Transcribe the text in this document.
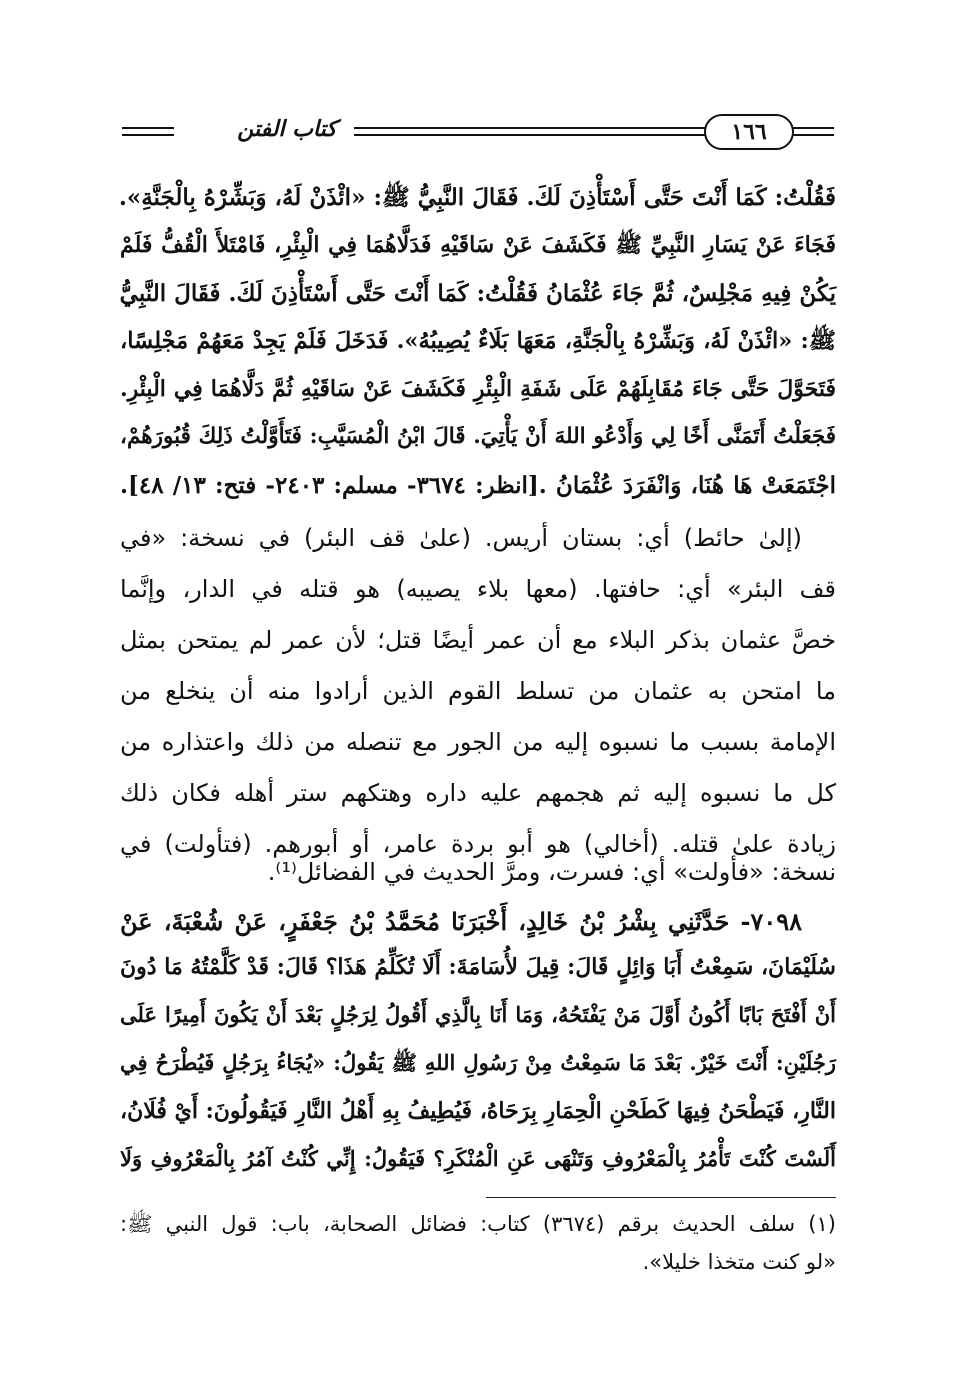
١٦٦
كتاب الفتن
فَقُلْتُ: كَمَا أَنْتَ حَتَّى أَسْتَأْذِنَ لَكَ. فَقَالَ النَّبِيُّ ﷺ: «ائْذَنْ لَهُ، وَبَشِّرْهُ بِالْجَنَّةِ».
فَجَاءَ عَنْ يَسَارِ النَّبِيِّ ﷺ فَكَشَفَ عَنْ سَاقَيْهِ فَدَلَّاهُمَا فِي الْبِئْرِ، فَامْتَلأَ الْقُفُّ فَلَمْ
يَكُنْ فِيهِ مَجْلِسٌ، ثُمَّ جَاءَ عُثْمَانُ فَقُلْتُ: كَمَا أَنْتَ حَتَّى أَسْتَأْذِنَ لَكَ. فَقَالَ النَّبِيُّ
ﷺ: «ائْذَنْ لَهُ، وَبَشِّرْهُ بِالْجَنَّةِ، مَعَهَا بَلَاءٌ يُصِيبُهُ». فَدَخَلَ فَلَمْ يَجِدْ مَعَهُمْ مَجْلِسًا،
فَتَحَوَّلَ حَتَّى جَاءَ مُقَابِلَهُمْ عَلَى شَفَةِ الْبِئْرِ فَكَشَفَ عَنْ سَاقَيْهِ ثُمَّ دَلَّاهُمَا فِي الْبِئْرِ.
فَجَعَلْتُ أَتَمَنَّى أَخًا لِي وَأَدْعُو اللهَ أَنْ يَأْتِيَ. قَالَ ابْنُ الْمُسَيَّبِ: فَتَأَوَّلْتُ ذَلِكَ قُبُورَهُمْ،
اجْتَمَعَتْ هَا هُنَا، وَانْفَرَدَ عُثْمَانُ .[انظر: ٣٦٧٤- مسلم: ٢٤٠٣- فتح: ١٣/ ٤٨].
(إلىٰ حائط) أي: بستان أريس. (علىٰ قف البئر) في نسخة: «في
قف البئر» أي: حافتها. (معها بلاء يصيبه) هو قتله في الدار، وإنَّما
خصَّ عثمان بذكر البلاء مع أن عمر أيضًا قتل؛ لأن عمر لم يمتحن بمثل
ما امتحن به عثمان من تسلط القوم الذين أرادوا منه أن ينخلع من
الإمامة بسبب ما نسبوه إليه من الجور مع تنصله من ذلك واعتذاره من
كل ما نسبوه إليه ثم هجمهم عليه داره وهتكهم ستر أهله فكان ذلك
زيادة علىٰ قتله. (أخالي) هو أبو بردة عامر، أو أبورهم. (فتأولت) في
نسخة: «فأولت» أي: فسرت، ومرَّ الحديث في الفضائل⁽¹⁾.
٧٠٩٨- حَدَّثَنِي بِشْرُ بْنُ خَالِدٍ، أَخْبَرَنَا مُحَمَّدُ بْنُ جَعْفَرٍ، عَنْ شُعْبَةَ، عَنْ
سُلَيْمَانَ، سَمِعْتُ أَبَا وَائِلٍ قَالَ: قِيلَ لأُسَامَةَ: أَلَا تُكَلِّمُ هَذَا؟ قَالَ: قَدْ كَلَّمْتُهُ مَا دُونَ
أَنْ أَفْتَحَ بَابًا أَكُونُ أَوَّلَ مَنْ يَفْتَحُهُ، وَمَا أَنَا بِالَّذِي أَقُولُ لِرَجُلٍ بَعْدَ أَنْ يَكُونَ أَمِيرًا عَلَى
رَجُلَيْنِ: أَنْتَ خَيْرٌ. بَعْدَ مَا سَمِعْتُ مِنْ رَسُولِ اللهِ ﷺ يَقُولُ: «يُجَاءُ بِرَجُلٍ فَيُطْرَحُ فِي
النَّارِ، فَيَطْحَنُ فِيهَا كَطَحْنِ الْحِمَارِ بِرَحَاهُ، فَيُطِيفُ بِهِ أَهْلُ النَّارِ فَيَقُولُونَ: أَيْ فُلَانُ،
أَلَسْتَ كُنْتَ تَأْمُرُ بِالْمَعْرُوفِ وَتَنْهَى عَنِ الْمُنْكَرِ؟ فَيَقُولُ: إِنِّي كُنْتُ آمُرُ بِالْمَعْرُوفِ وَلَا
(١) سلف الحديث برقم (٣٦٧٤) كتاب: فضائل الصحابة، باب: قول النبي ﷺ:
«لو كنت متخذا خليلا».
